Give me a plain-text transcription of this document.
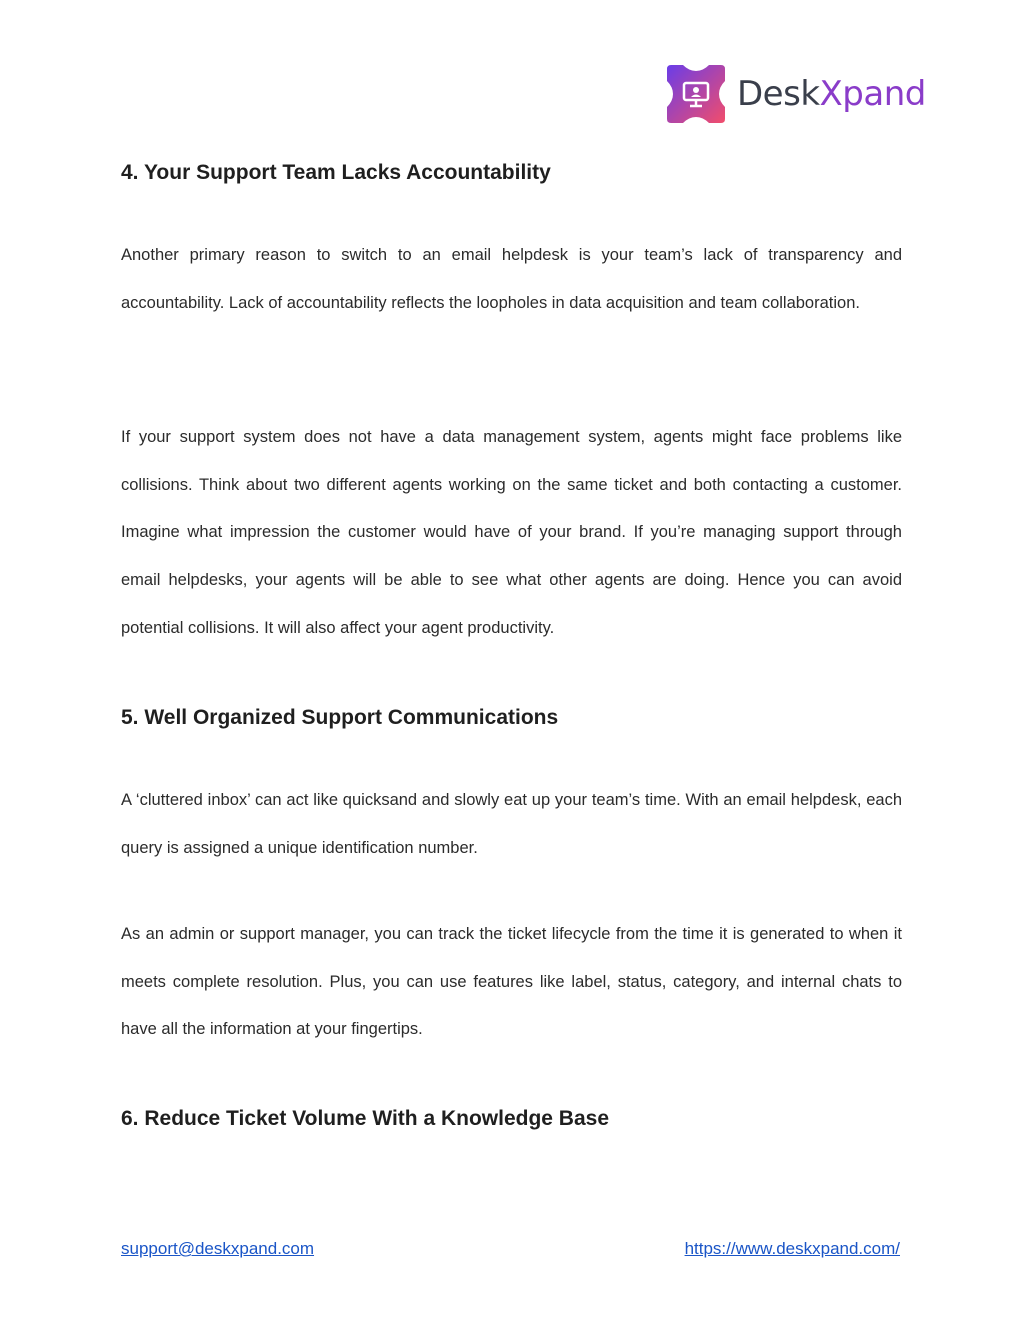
DeskXpand
4. Your Support Team Lacks Accountability

Another primary reason to switch to an email helpdesk is your team’s lack of transparency and accountability. Lack of accountability reflects the loopholes in data acquisition and team collaboration.

If your support system does not have a data management system, agents might face problems like collisions. Think about two different agents working on the same ticket and both contacting a customer. Imagine what impression the customer would have of your brand. If you’re managing support through email helpdesks, your agents will be able to see what other agents are doing. Hence you can avoid potential collisions. It will also affect your agent productivity.

5. Well Organized Support Communications

A ‘cluttered inbox’ can act like quicksand and slowly eat up your team’s time. With an email helpdesk, each query is assigned a unique identification number.

As an admin or support manager, you can track the ticket lifecycle from the time it is generated to when it meets complete resolution. Plus, you can use features like label, status, category, and internal chats to have all the information at your fingertips.

6. Reduce Ticket Volume With a Knowledge Base
support@deskxpand.com	https://www.deskxpand.com/
